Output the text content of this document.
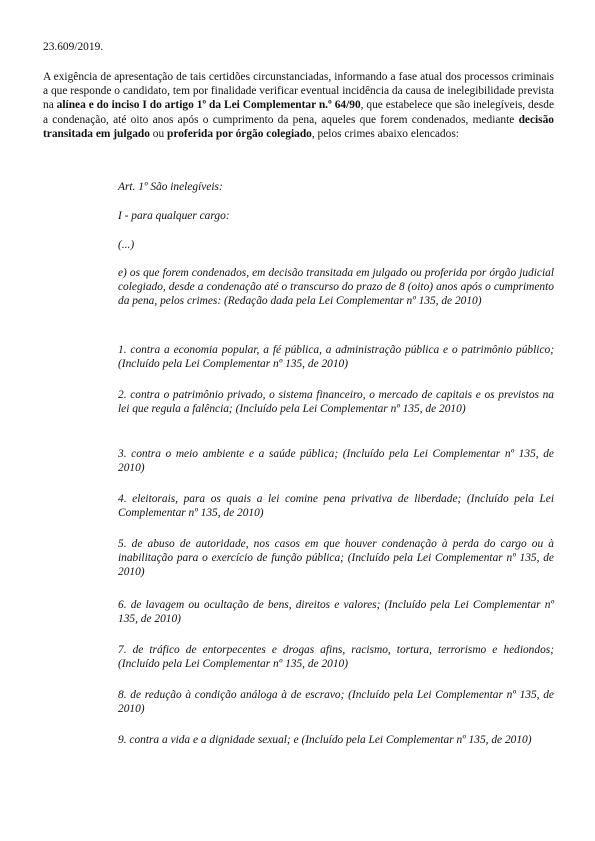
23.609/2019.

A exigência de apresentação de tais certidões circunstanciadas, informando a fase atual dos processos criminais a que responde o candidato, tem por finalidade verificar eventual incidência da causa de inelegibilidade prevista na alínea e do inciso I do artigo 1º da Lei Complementar n.º 64/90, que estabelece que são inelegíveis, desde a condenação, até oito anos após o cumprimento da pena, aqueles que forem condenados, mediante decisão transitada em julgado ou proferida por órgão colegiado, pelos crimes abaixo elencados:

Art. 1º São inelegíveis:

I - para qualquer cargo:

(...)

e) os que forem condenados, em decisão transitada em julgado ou proferida por órgão judicial colegiado, desde a condenação até o transcurso do prazo de 8 (oito) anos após o cumprimento da pena, pelos crimes: (Redação dada pela Lei Complementar nº 135, de 2010)

1. contra a economia popular, a fé pública, a administração pública e o patrimônio público; (Incluído pela Lei Complementar nº 135, de 2010)

2. contra o patrimônio privado, o sistema financeiro, o mercado de capitais e os previstos na lei que regula a falência; (Incluído pela Lei Complementar nº 135, de 2010)

3. contra o meio ambiente e a saúde pública; (Incluído pela Lei Complementar nº 135, de 2010)

4. eleitorais, para os quais a lei comine pena privativa de liberdade; (Incluído pela Lei Complementar nº 135, de 2010)

5. de abuso de autoridade, nos casos em que houver condenação à perda do cargo ou à inabilitação para o exercício de função pública; (Incluído pela Lei Complementar nº 135, de 2010)

6. de lavagem ou ocultação de bens, direitos e valores; (Incluído pela Lei Complementar nº 135, de 2010)

7. de tráfico de entorpecentes e drogas afins, racismo, tortura, terrorismo e hediondos; (Incluído pela Lei Complementar nº 135, de 2010)

8. de redução à condição análoga à de escravo; (Incluído pela Lei Complementar nº 135, de 2010)

9. contra a vida e a dignidade sexual; e (Incluído pela Lei Complementar nº 135, de 2010)
